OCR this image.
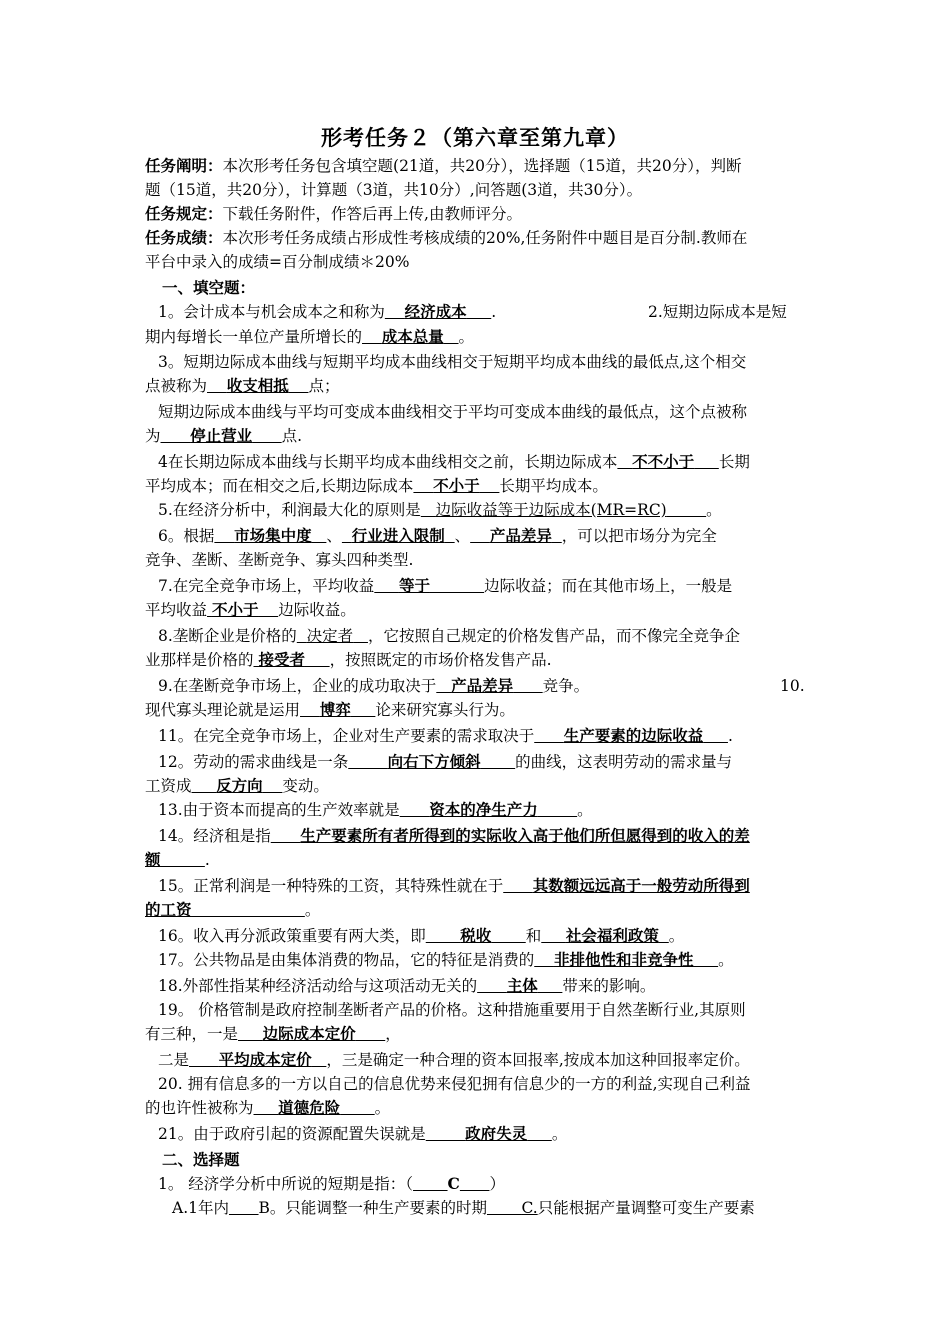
形考任务２（第六章至第九章）
任务阐明：本次形考任务包含填空题(21道，共20分），选择题（15道，共20分），判断
题（15道，共20分），计算题（3道，共10分）,问答题(3道，共30分）。
任务规定：下载任务附件，作答后再上传,由教师评分。
任务成绩：本次形考任务成绩占形成性考核成绩的20%,任务附件中题目是百分制.教师在
平台中录入的成绩=百分制成绩＊20%
一、填空题：
1。会计成本与机会成本之和称为 经济成本 .	2.短期边际成本是短
期内每增长一单位产量所增长的 成本总量 。
3。短期边际成本曲线与短期平均成本曲线相交于短期平均成本曲线的最低点,这个相交
点被称为 收支相抵 点；
短期边际成本曲线与平均可变成本曲线相交于平均可变成本曲线的最低点，这个点被称
为 停止营业 点.
4在长期边际成本曲线与长期平均成本曲线相交之前，长期边际成本 不不小于 长期
平均成本；而在相交之后,长期边际成本 不小于 长期平均成本。
5.在经济分析中，利润最大化的原则是 边际收益等于边际成本(MR=RC)	。
6。根据 市场集中度 、 行业进入限制 、 产品差异 ，可以把市场分为完全
竞争、垄断、垄断竞争、寡头四种类型.
7.在完全竞争市场上，平均收益 等于	边际收益；而在其他市场上，一般是
平均收益 不小于 边际收益。
8.垄断企业是价格的 决定者 ，它按照自己规定的价格发售产品，而不像完全竞争企
业那样是价格的 接受者 ，按照既定的市场价格发售产品.
9.在垄断竞争市场上，企业的成功取决于 产品差异 竞争。	10.
现代寡头理论就是运用 博弈 论来研究寡头行为。
11。在完全竞争市场上，企业对生产要素的需求取决于 生产要素的边际收益 .
12。劳动的需求曲线是一条	向右下方倾斜 的曲线，这表明劳动的需求量与
工资成 反方向 变动。
13.由于资本而提高的生产效率就是 资本的净生产力	。
14。经济租是指 生产要素所有者所得到的实际收入高于他们所但愿得到的收入的差
额	.
15。正常利润是一种特殊的工资，其特殊性就在于 其数额远远高于一般劳动所得到
的工资	。
16。收入再分派政策重要有两大类，即 税收 和 社会福利政策 。
17。公共物品是由集体消费的物品，它的特征是消费的 非排他性和非竞争性 。
18.外部性指某种经济活动给与这项活动无关的 主体 带来的影响。
19。 价格管制是政府控制垄断者产品的价格。这种措施重要用于自然垄断行业,其原则
有三种，一是 边际成本定价 ，
二是 平均成本定价 ，三是确定一种合理的资本回报率,按成本加这种回报率定价。
20. 拥有信息多的一方以自己的信息优势来侵犯拥有信息少的一方的利益,实现自己利益
的也许性被称为 道德危险 。
21。由于政府引起的资源配置失误就是	政府失灵 。
二、选择题
1。 经济学分析中所说的短期是指：（ C ）
A.1年内 B。只能调整一种生产要素的时期 C.只能根据产量调整可变生产要素
